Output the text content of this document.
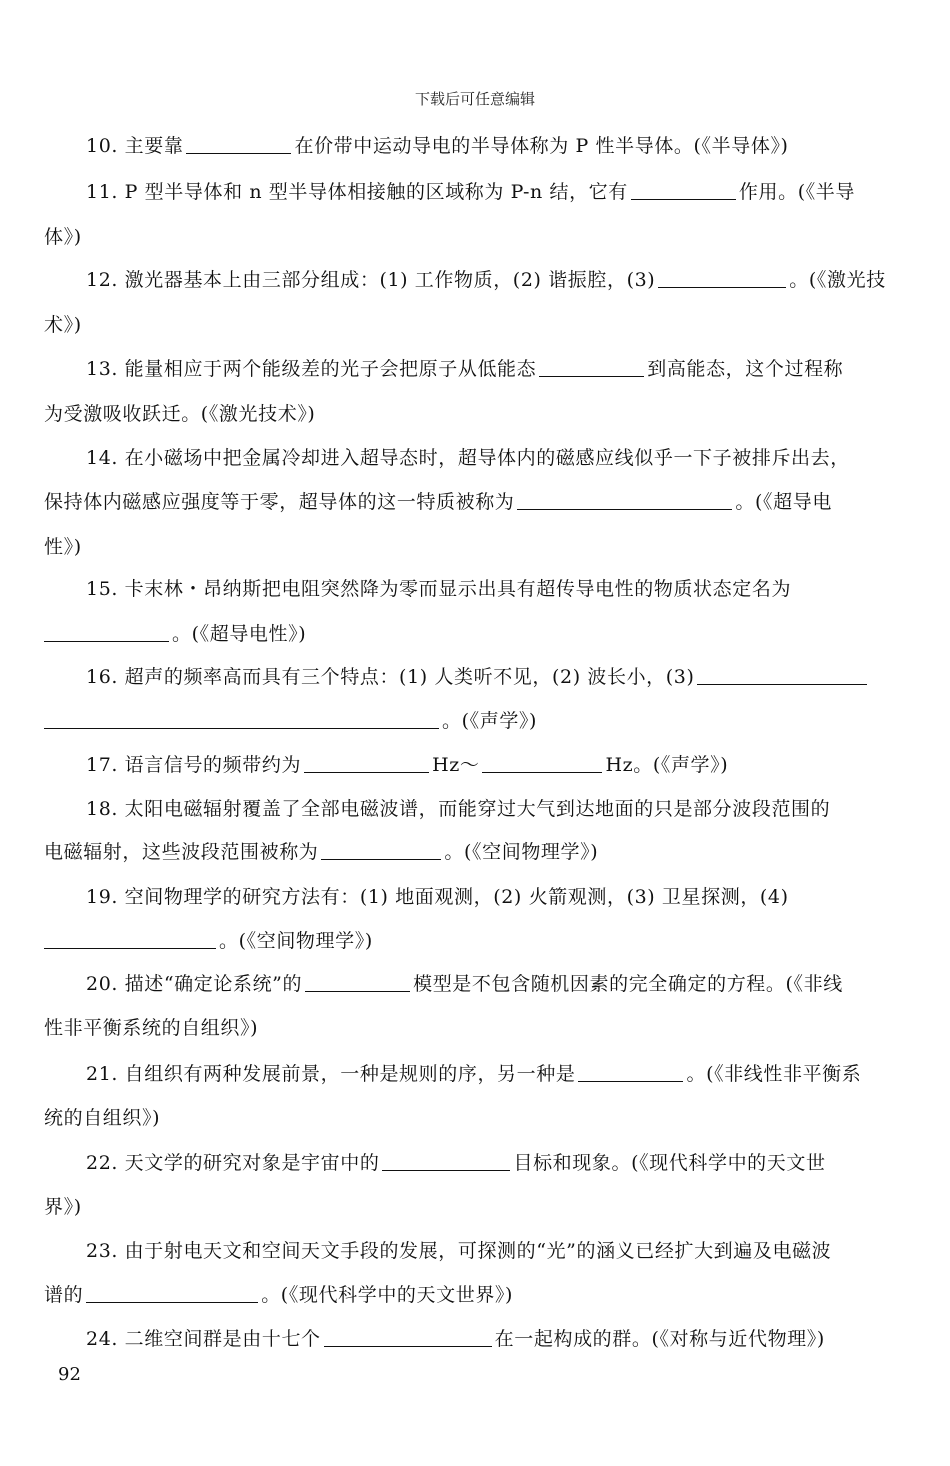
下载后可任意编辑
10. 主要靠	在价带中运动导电的半导体称为 P 性半导体。(《半导体》)
11. P 型半导体和 n 型半导体相接触的区域称为 P-n 结，它有	作用。(《半导
体》)
12. 激光器基本上由三部分组成：(1) 工作物质，(2) 谐振腔，(3)	。(《激光技
术》)
13. 能量相应于两个能级差的光子会把原子从低能态	到高能态，这个过程称
为受激吸收跃迁。(《激光技术》)
14. 在小磁场中把金属冷却进入超导态时，超导体内的磁感应线似乎一下子被排斥出去，
保持体内磁感应强度等于零，超导体的这一特质被称为	。(《超导电
性》)
15. 卡末林・昂纳斯把电阻突然降为零而显示出具有超传导电性的物质状态定名为
。(《超导电性》)
16. 超声的频率高而具有三个特点：(1) 人类听不见，(2) 波长小，(3)
。(《声学》)
17. 语言信号的频带约为	Hz～	Hz。(《声学》)
18. 太阳电磁辐射覆盖了全部电磁波谱，而能穿过大气到达地面的只是部分波段范围的
电磁辐射，这些波段范围被称为	。(《空间物理学》)
19. 空间物理学的研究方法有：(1) 地面观测，(2) 火箭观测，(3) 卫星探测，(4)
。(《空间物理学》)
20. 描述“确定论系统”的	模型是不包含随机因素的完全确定的方程。(《非线
性非平衡系统的自组织》)
21. 自组织有两种发展前景，一种是规则的序，另一种是	。(《非线性非平衡系
统的自组织》)
22. 天文学的研究对象是宇宙中的	目标和现象。(《现代科学中的天文世
界》)
23. 由于射电天文和空间天文手段的发展，可探测的“光”的涵义已经扩大到遍及电磁波
谱的	。(《现代科学中的天文世界》)
24. 二维空间群是由十七个	在一起构成的群。(《对称与近代物理》)
92
